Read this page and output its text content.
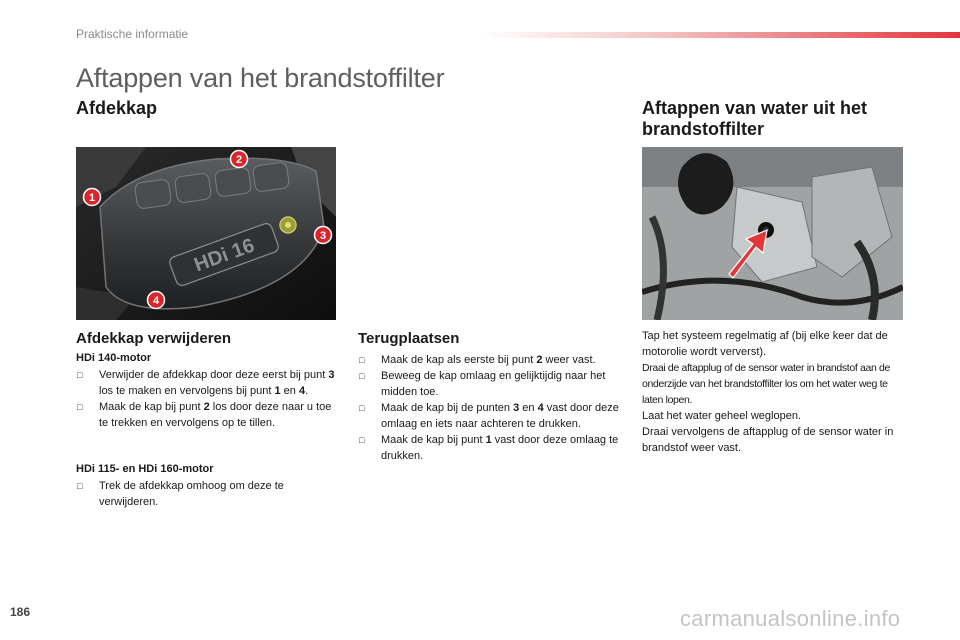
Praktische informatie
Aftappen van het brandstoffilter
Afdekkap	Aftappen van water uit het brandstoffilter
HDi 16
1
2
3
4
Afdekkap verwijderen	Terugplaatsen
HDi 140-motor
□ Verwijder de afdekkap door deze eerst bij punt 3 los te maken en vervolgens bij punt 1 en 4.
□ Maak de kap bij punt 2 los door deze naar u toe te trekken en vervolgens op te tillen.
HDi 115- en HDi 160-motor
□ Trek de afdekkap omhoog om deze te verwijderen.
□ Maak de kap als eerste bij punt 2 weer vast.
□ Beweeg de kap omlaag en gelijktijdig naar het midden toe.
□ Maak de kap bij de punten 3 en 4 vast door deze omlaag en iets naar achteren te drukken.
□ Maak de kap bij punt 1 vast door deze omlaag te drukken.

Tap het systeem regelmatig af (bij elke keer dat de motorolie wordt ververst).

Draai de aftapplug of de sensor water in brandstof aan de onderzijde van het brandstoffilter los om het water weg te laten lopen.

Laat het water geheel weglopen.

Draai vervolgens de aftapplug of de sensor water in brandstof weer vast.

186	carmanualsonline.info
